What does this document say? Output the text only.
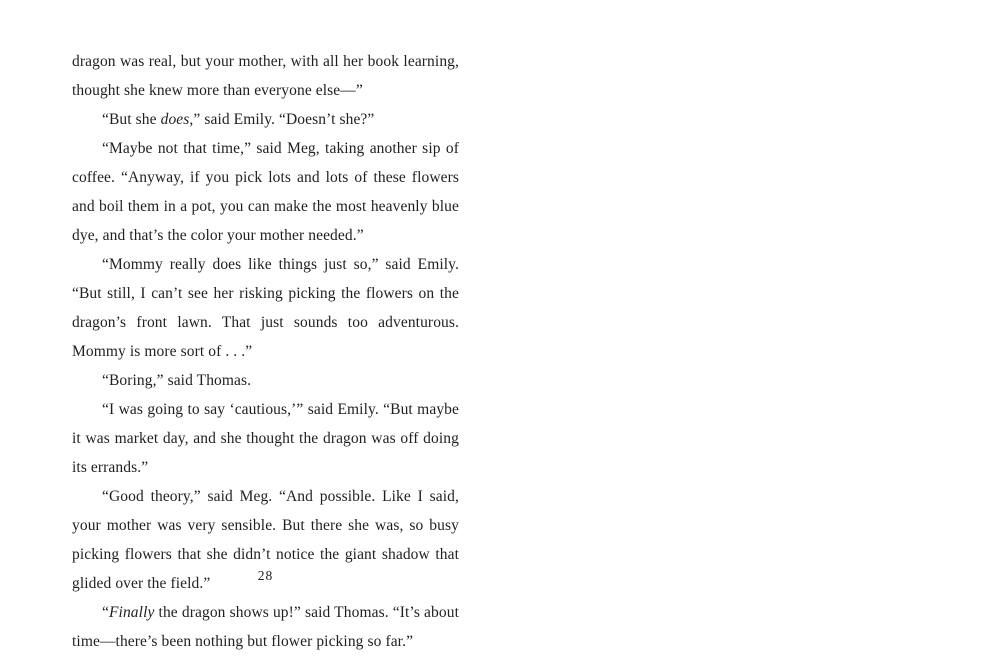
dragon was real, but your mother, with all her book learning, thought she knew more than everyone else—”

“But she does,” said Emily. “Doesn’t she?”

“Maybe not that time,” said Meg, taking another sip of coffee. “Anyway, if you pick lots and lots of these flowers and boil them in a pot, you can make the most heavenly blue dye, and that’s the color your mother needed.”

“Mommy really does like things just so,” said Emily. “But still, I can’t see her risking picking the flowers on the dragon’s front lawn. That just sounds too adventurous. Mommy is more sort of . . .”

“Boring,” said Thomas.

“I was going to say ‘cautious,’” said Emily. “But maybe it was market day, and she thought the dragon was off doing its errands.”

“Good theory,” said Meg. “And possible. Like I said, your mother was very sensible. But there she was, so busy picking flowers that she didn’t notice the giant shadow that glided over the field.”

“Finally the dragon shows up!” said Thomas. “It’s about time—there’s been nothing but flower picking so far.”

28
